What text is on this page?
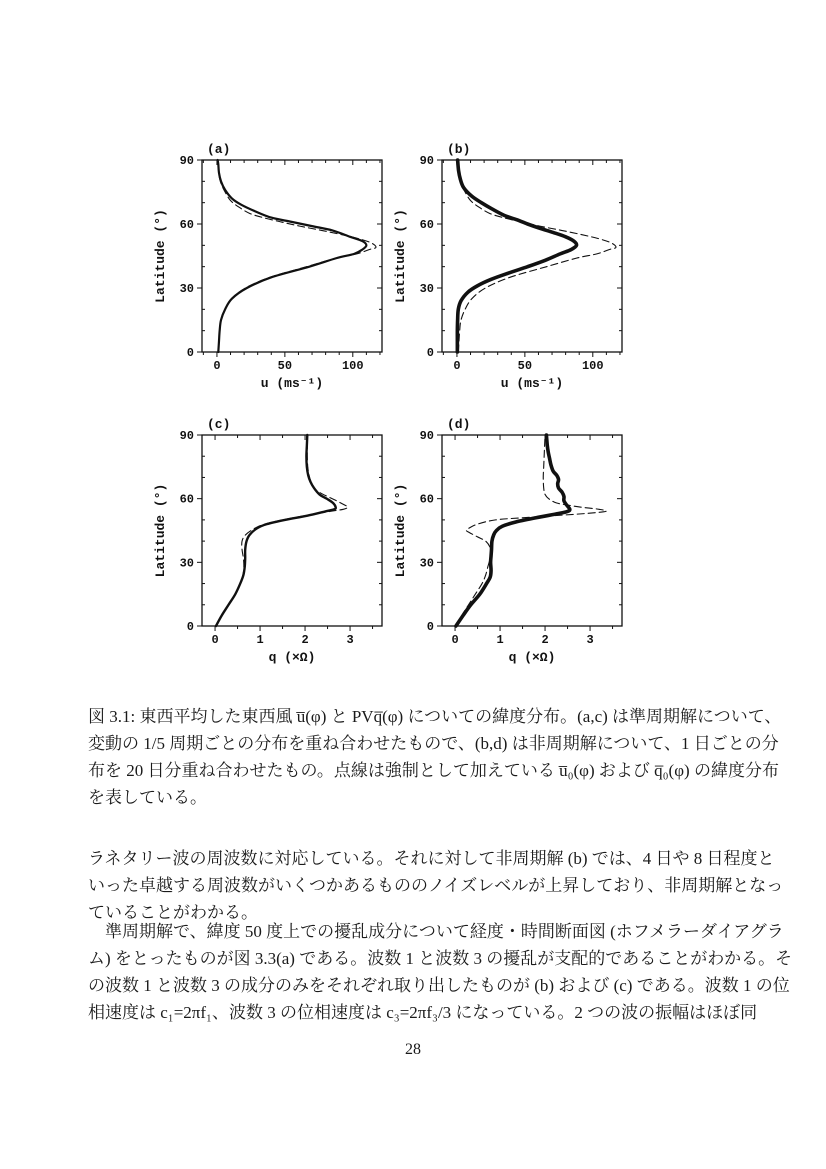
0	50	100
0
30
60
90
(a)
u (ms⁻¹)
Latitude (°)
0	50	100
0
30
60
90
(b)
u (ms⁻¹)
Latitude (°)
0	1	2	3
0
30
60
90
(c)
q (×Ω)
Latitude (°)
0	1	2	3
0
30
60
90
(d)
q (×Ω)
Latitude (°)
図 3.1: 東西平均した東西風 u̅(φ) と PVq̅(φ) についての緯度分布。(a,c) は準周期解について、
変動の 1/5 周期ごとの分布を重ね合わせたもので、(b,d) は非周期解について、1 日ごとの分
布を 20 日分重ね合わせたもの。点線は強制として加えている u̅₀(φ) および q̅₀(φ) の緯度分布
を表している。
ラネタリー波の周波数に対応している。それに対して非周期解 (b) では、4 日や 8 日程度と
いった卓越する周波数がいくつかあるもののノイズレベルが上昇しており、非周期解となっ
ていることがわかる。
　準周期解で、緯度 50 度上での擾乱成分について経度・時間断面図 (ホフメラーダイアグラ
ム) をとったものが図 3.3(a) である。波数 1 と波数 3 の擾乱が支配的であることがわかる。そ
の波数 1 と波数 3 の成分のみをそれぞれ取り出したものが (b) および (c) である。波数 1 の位
相速度は c₁=2πf₁、波数 3 の位相速度は c₃=2πf₃/3 になっている。2 つの波の振幅はほぼ同
28
